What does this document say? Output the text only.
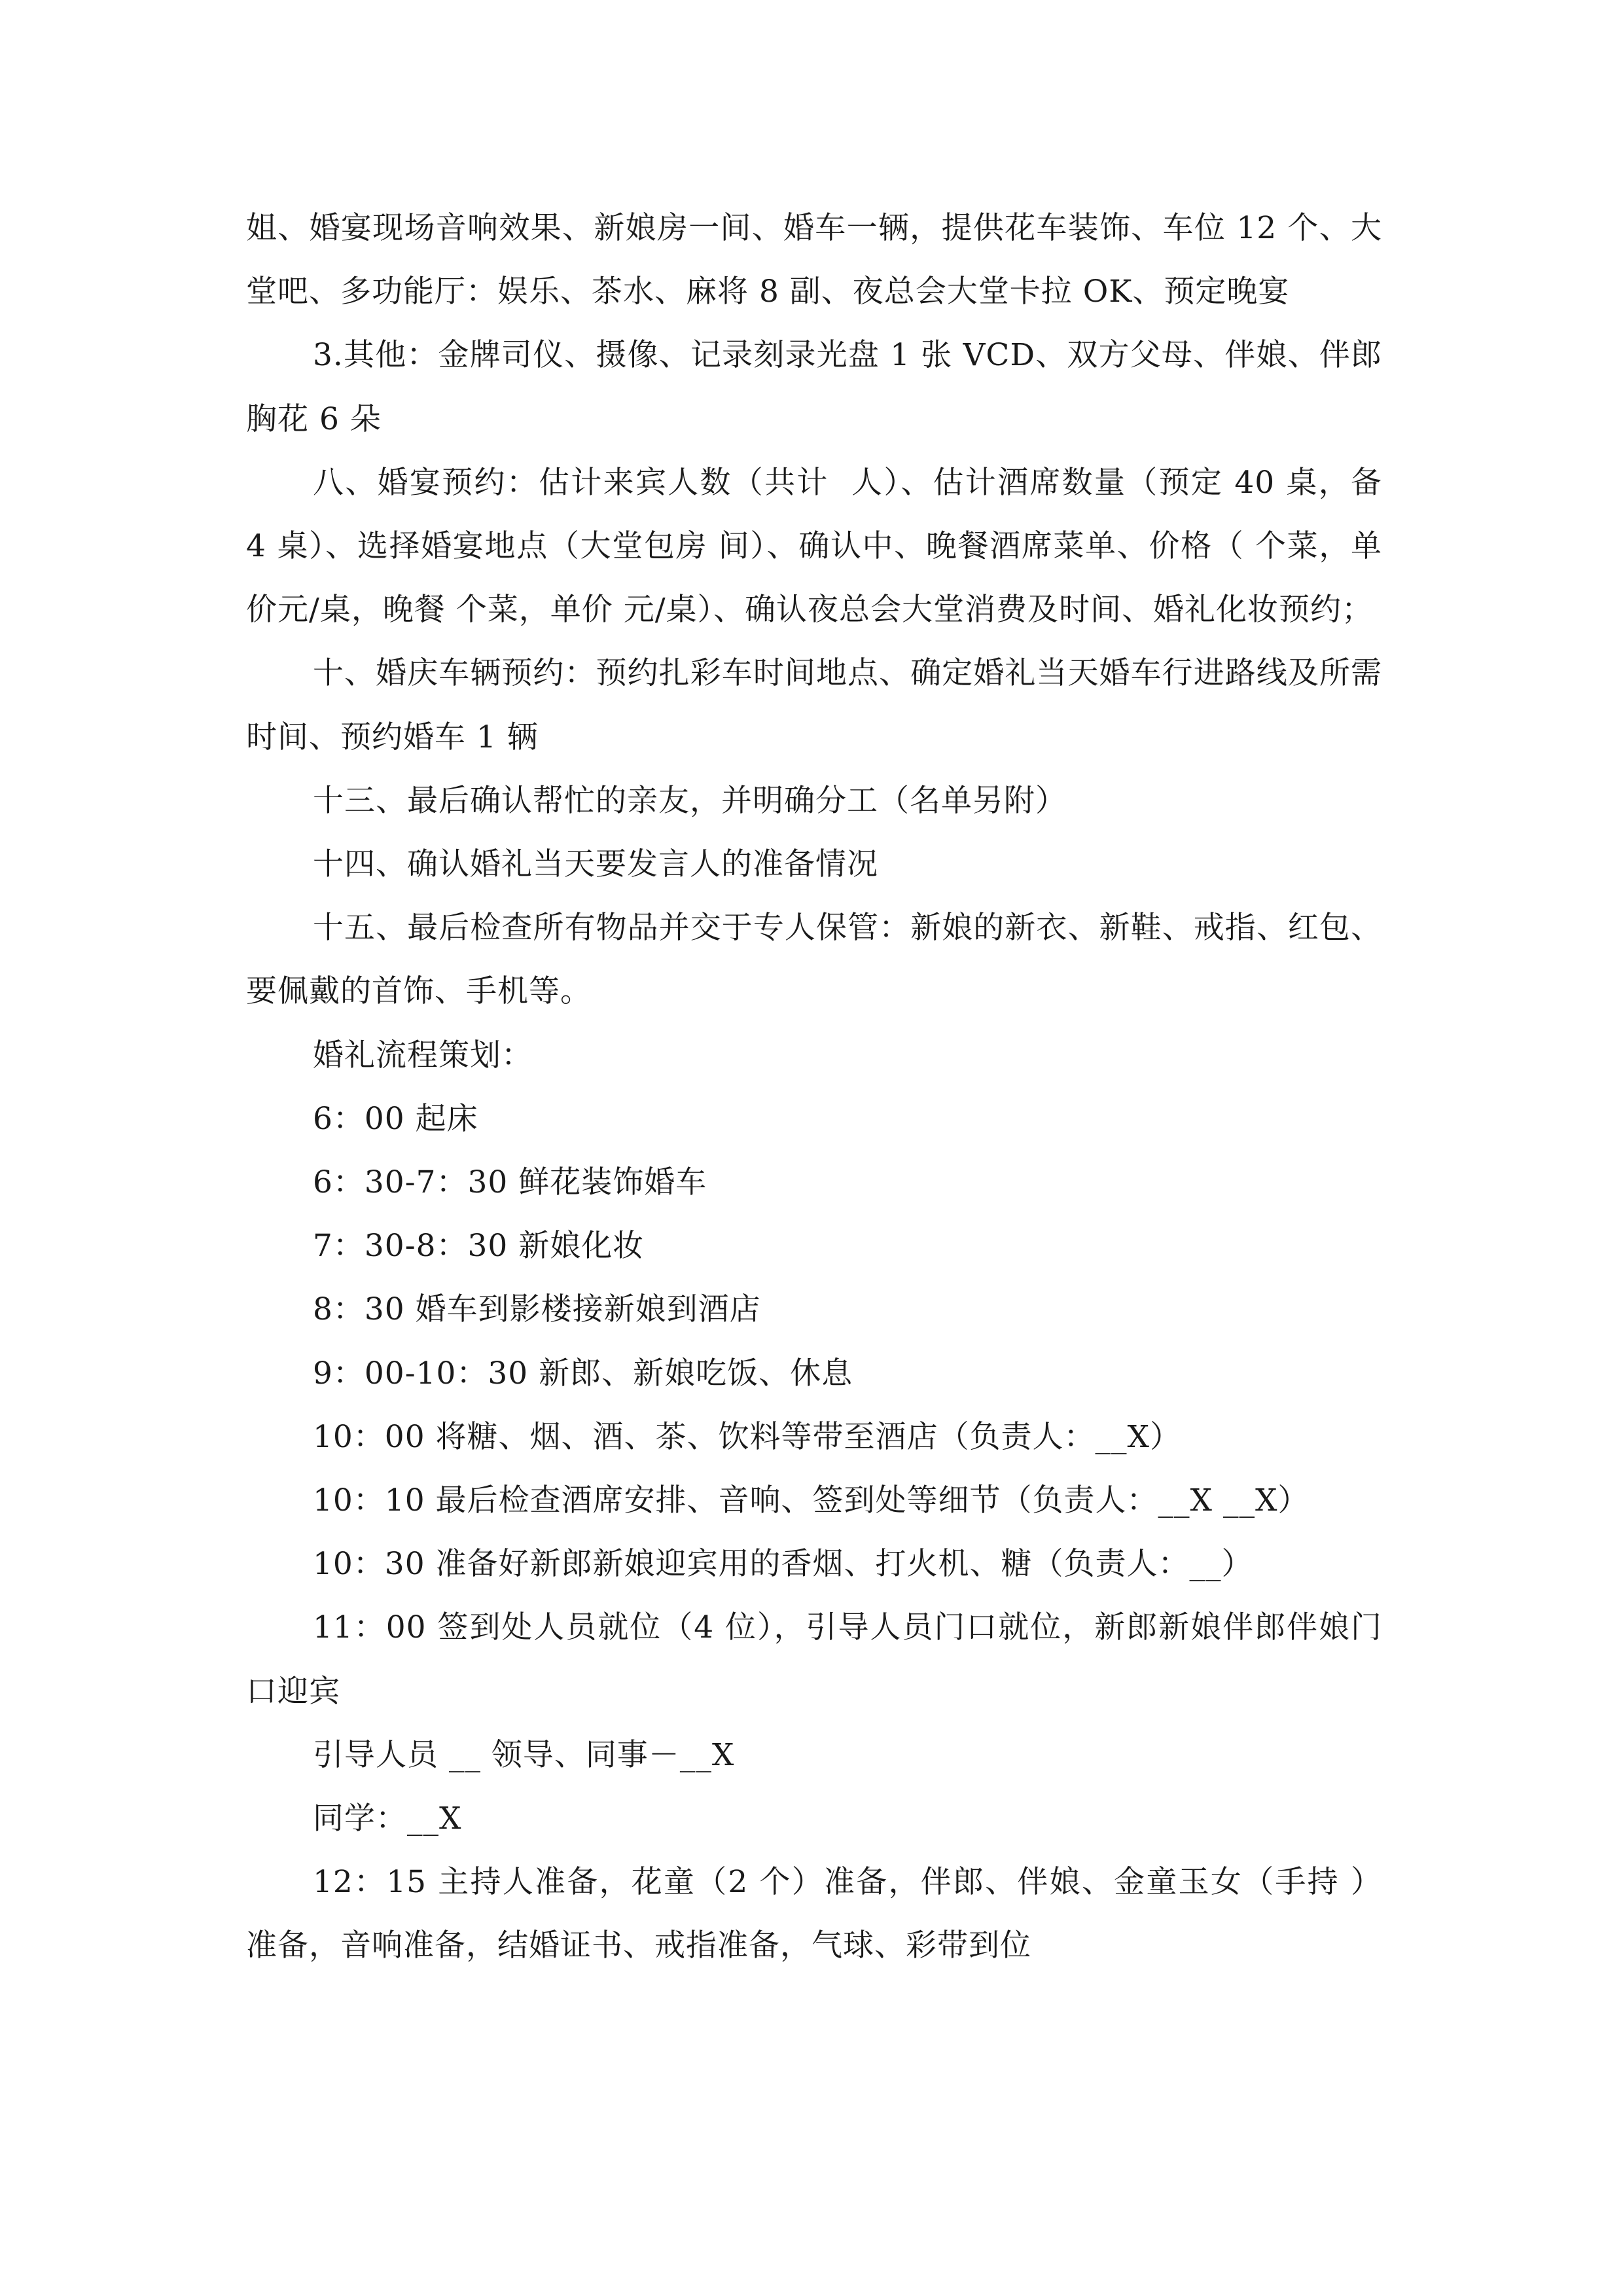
姐、婚宴现场音响效果、新娘房一间、婚车一辆，提供花车装饰、车位 12 个、大堂吧、多功能厅：娱乐、茶水、麻将 8 副、夜总会大堂卡拉 OK、预定晚宴

3.其他：金牌司仪、摄像、记录刻录光盘 1 张 VCD、双方父母、伴娘、伴郎胸花 6 朵

八、婚宴预约：估计来宾人数（共计  人）、估计酒席数量（预定 40 桌，备 4 桌）、选择婚宴地点（大堂包房 间）、确认中、晚餐酒席菜单、价格（ 个菜，单价元/桌，晚餐 个菜，单价 元/桌）、确认夜总会大堂消费及时间、婚礼化妆预约；

十、婚庆车辆预约：预约扎彩车时间地点、确定婚礼当天婚车行进路线及所需时间、预约婚车 1 辆

十三、最后确认帮忙的亲友，并明确分工（名单另附）

十四、确认婚礼当天要发言人的准备情况

十五、最后检查所有物品并交于专人保管：新娘的新衣、新鞋、戒指、红包、要佩戴的首饰、手机等。

婚礼流程策划：

6：00 起床

6：30-7：30 鲜花装饰婚车

7：30-8：30 新娘化妆

8：30 婚车到影楼接新娘到酒店

9：00-10：30 新郎、新娘吃饭、休息

10：00 将糖、烟、酒、茶、饮料等带至酒店（负责人：__X）

10：10 最后检查酒席安排、音响、签到处等细节（负责人：__X __X）

10：30 准备好新郎新娘迎宾用的香烟、打火机、糖（负责人：__）

11：00 签到处人员就位（4 位），引导人员门口就位，新郎新娘伴郎伴娘门口迎宾

引导人员 __ 领导、同事－__X

同学：__X

12：15 主持人准备，花童（2 个）准备，伴郎、伴娘、金童玉女（手持 ）准备，音响准备，结婚证书、戒指准备，气球、彩带到位
